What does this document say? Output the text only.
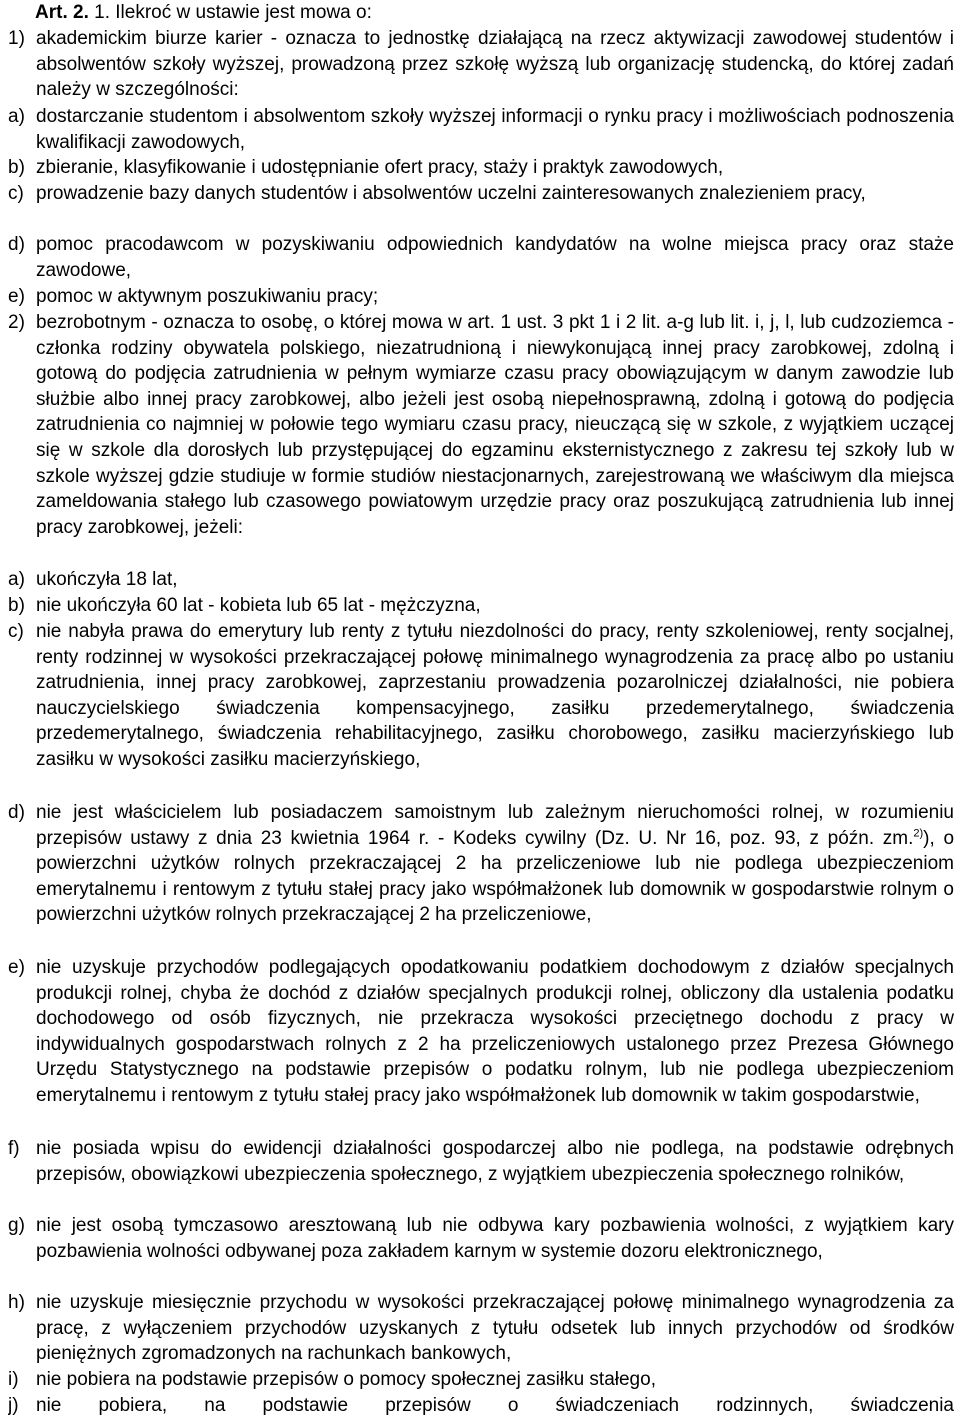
Art. 2. 1. Ilekroć w ustawie jest mowa o:
1) akademickim biurze karier - oznacza to jednostkę działającą na rzecz aktywizacji zawodowej studentów i absolwentów szkoły wyższej, prowadzoną przez szkołę wyższą lub organizację studencką, do której zadań należy w szczególności:
a) dostarczanie studentom i absolwentom szkoły wyższej informacji o rynku pracy i możliwościach podnoszenia kwalifikacji zawodowych,
b) zbieranie, klasyfikowanie i udostępnianie ofert pracy, staży i praktyk zawodowych,
c) prowadzenie bazy danych studentów i absolwentów uczelni zainteresowanych znalezieniem pracy,
d) pomoc pracodawcom w pozyskiwaniu odpowiednich kandydatów na wolne miejsca pracy oraz staże zawodowe,
e) pomoc w aktywnym poszukiwaniu pracy;
2) bezrobotnym - oznacza to osobę, o której mowa w art. 1 ust. 3 pkt 1 i 2 lit. a-g lub lit. i, j, l, lub cudzoziemca - członka rodziny obywatela polskiego, niezatrudnioną i niewykonującą innej pracy zarobkowej, zdolną i gotową do podjęcia zatrudnienia w pełnym wymiarze czasu pracy obowiązującym w danym zawodzie lub służbie albo innej pracy zarobkowej, albo jeżeli jest osobą niepełnosprawną, zdolną i gotową do podjęcia zatrudnienia co najmniej w połowie tego wymiaru czasu pracy, nieuczącą się w szkole, z wyjątkiem uczącej się w szkole dla dorosłych lub przystępującej do egzaminu eksternistycznego z zakresu tej szkoły lub w szkole wyższej gdzie studiuje w formie studiów niestacjonarnych, zarejestrowaną we właściwym dla miejsca zameldowania stałego lub czasowego powiatowym urzędzie pracy oraz poszukującą zatrudnienia lub innej pracy zarobkowej, jeżeli:
a) ukończyła 18 lat,
b) nie ukończyła 60 lat - kobieta lub 65 lat - mężczyzna,
c) nie nabyła prawa do emerytury lub renty z tytułu niezdolności do pracy, renty szkoleniowej, renty socjalnej, renty rodzinnej w wysokości przekraczającej połowę minimalnego wynagrodzenia za pracę albo po ustaniu zatrudnienia, innej pracy zarobkowej, zaprzestaniu prowadzenia pozarolniczej działalności, nie pobiera nauczycielskiego świadczenia kompensacyjnego, zasiłku przedemerytalnego, świadczenia przedemerytalnego, świadczenia rehabilitacyjnego, zasiłku chorobowego, zasiłku macierzyńskiego lub zasiłku w wysokości zasiłku macierzyńskiego,
d) nie jest właścicielem lub posiadaczem samoistnym lub zależnym nieruchomości rolnej, w rozumieniu przepisów ustawy z dnia 23 kwietnia 1964 r. - Kodeks cywilny (Dz. U. Nr 16, poz. 93, z późn. zm.$^{2)}$), o powierzchni użytków rolnych przekraczającej 2 ha przeliczeniowe lub nie podlega ubezpieczeniom emerytalnemu i rentowym z tytułu stałej pracy jako współmałżonek lub domownik w gospodarstwie rolnym o powierzchni użytków rolnych przekraczającej 2 ha przeliczeniowe,
e) nie uzyskuje przychodów podlegających opodatkowaniu podatkiem dochodowym z działów specjalnych produkcji rolnej, chyba że dochód z działów specjalnych produkcji rolnej, obliczony dla ustalenia podatku dochodowego od osób fizycznych, nie przekracza wysokości przeciętnego dochodu z pracy w indywidualnych gospodarstwach rolnych z 2 ha przeliczeniowych ustalonego przez Prezesa Głównego Urzędu Statystycznego na podstawie przepisów o podatku rolnym, lub nie podlega ubezpieczeniom emerytalnemu i rentowym z tytułu stałej pracy jako współmałżonek lub domownik w takim gospodarstwie,
f) nie posiada wpisu do ewidencji działalności gospodarczej albo nie podlega, na podstawie odrębnych przepisów, obowiązkowi ubezpieczenia społecznego, z wyjątkiem ubezpieczenia społecznego rolników,
g) nie jest osobą tymczasowo aresztowaną lub nie odbywa kary pozbawienia wolności, z wyjątkiem kary pozbawienia wolności odbywanej poza zakładem karnym w systemie dozoru elektronicznego,
h) nie uzyskuje miesięcznie przychodu w wysokości przekraczającej połowę minimalnego wynagrodzenia za pracę, z wyłączeniem przychodów uzyskanych z tytułu odsetek lub innych przychodów od środków pieniężnych zgromadzonych na rachunkach bankowych,
i) nie pobiera na podstawie przepisów o pomocy społecznej zasiłku stałego,
j) nie pobiera, na podstawie przepisów o świadczeniach rodzinnych, świadczenia
